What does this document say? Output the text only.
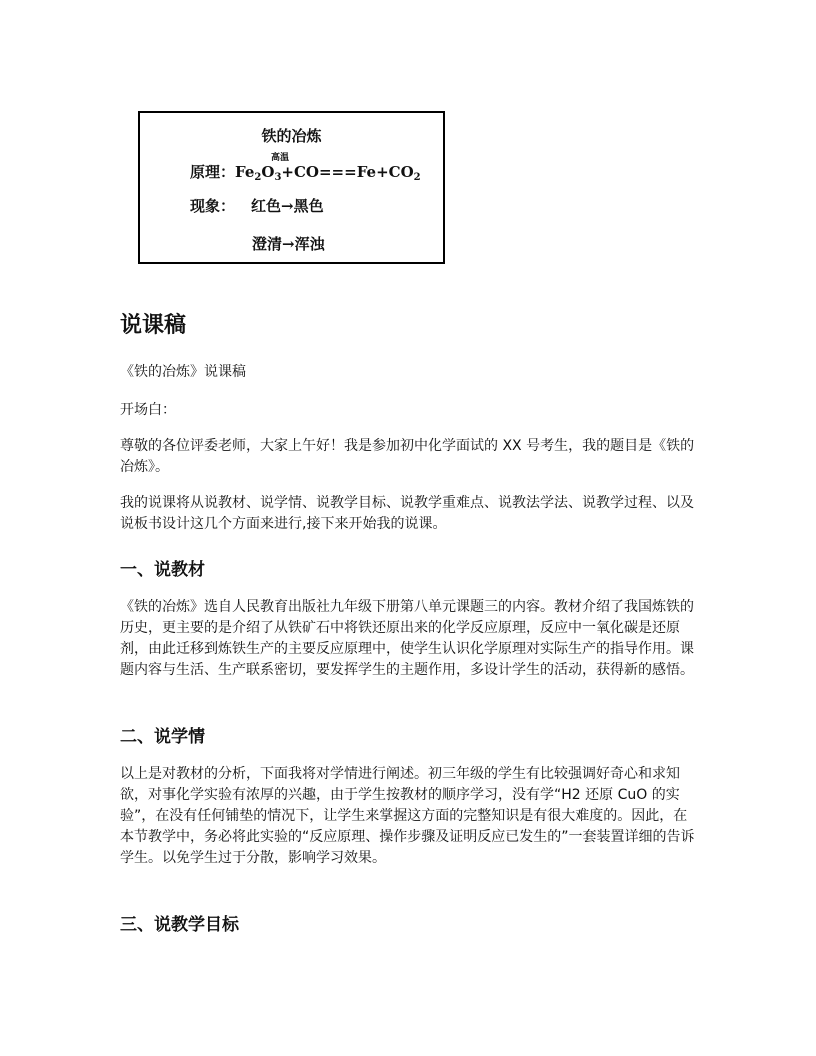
铁的冶炼
原理：$Fe_2O_3+CO$
高温
$===Fe+CO_2$
现象： 红色→黑色
澄清→浑浊
说课稿

《铁的冶炼》说课稿

开场白：

尊敬的各位评委老师，大家上午好！我是参加初中化学面试的 XX 号考生，我的题目是《铁的冶炼》。

我的说课将从说教材、说学情、说教学目标、说教学重难点、说教法学法、说教学过程、以及说板书设计这几个方面来进行,接下来开始我的说课。

一、说教材

《铁的冶炼》选自人民教育出版社九年级下册第八单元课题三的内容。教材介绍了我国炼铁的历史，更主要的是介绍了从铁矿石中将铁还原出来的化学反应原理，反应中一氧化碳是还原剂，由此迁移到炼铁生产的主要反应原理中，使学生认识化学原理对实际生产的指导作用。课题内容与生活、生产联系密切，要发挥学生的主题作用，多设计学生的活动，获得新的感悟。

二、说学情

以上是对教材的分析，下面我将对学情进行阐述。初三年级的学生有比较强调好奇心和求知欲，对事化学实验有浓厚的兴趣，由于学生按教材的顺序学习，没有学“H2 还原 CuO 的实验”，在没有任何铺垫的情况下，让学生来掌握这方面的完整知识是有很大难度的。因此，在本节教学中，务必将此实验的“反应原理、操作步骤及证明反应已发生的”一套装置详细的告诉学生。以免学生过于分散，影响学习效果。

三、说教学目标
